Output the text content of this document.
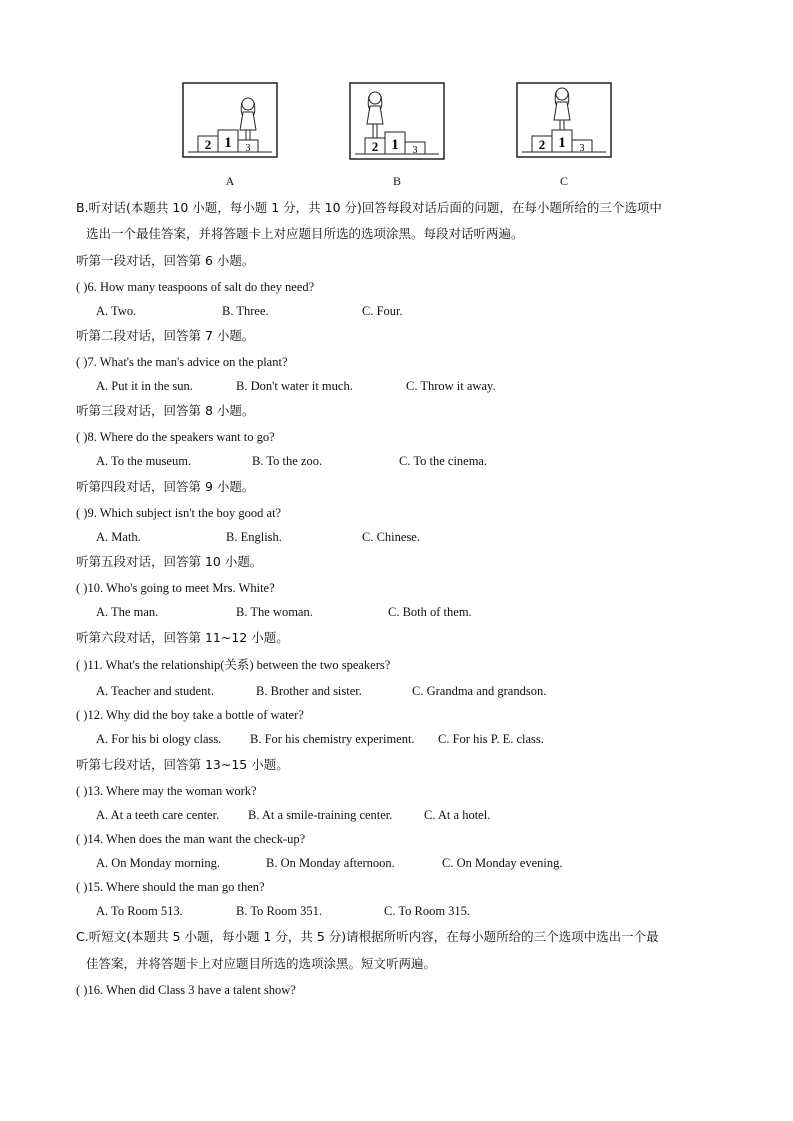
2 1 3
A
2 1 3
B
2 1 3
C
B.听对话(本题共 10 小题，每小题 1 分，共 10 分)回答每段对话后面的问题，在每小题所给的三个选项中
选出一个最佳答案，并将答题卡上对应题目所选的选项涂黑。每段对话听两遍。
听第一段对话，回答第 6 小题。
( )6. How many teaspoons of salt do they need?
A. Two.	B. Three.	C. Four.
听第二段对话，回答第 7 小题。
( )7. What's the man's advice on the plant?
A. Put it in the sun.	B. Don't water it much.	C. Throw it away.
听第三段对话，回答第 8 小题。
( )8. Where do the speakers want to go?
A. To the museum.	B. To the zoo.	C. To the cinema.
听第四段对话，回答第 9 小题。
( )9. Which subject isn't the boy good at?
A. Math.	B. English.	C. Chinese.
听第五段对话，回答第 10 小题。
( )10. Who's going to meet Mrs. White?
A. The man.	B. The woman.	C. Both of them.
听第六段对话，回答第 11~12 小题。
( )11. What's the relationship(关系) between the two speakers?
A. Teacher and student.	B. Brother and sister.	C. Grandma and grandson.
( )12. Why did the boy take a bottle of water?
A. For his bi ology class. B. For his chemistry experiment. C. For his P. E. class.
听第七段对话，回答第 13~15 小题。
( )13. Where may the woman work?
A. At a teeth care center. B. At a smile-training center.	C. At a hotel.
( )14. When does the man want the check-up?
A. On Monday morning.	B. On Monday afternoon.	C. On Monday evening.
( )15. Where should the man go then?
A. To Room 513.	B. To Room 351.	C. To Room 315.
C.听短文(本题共 5 小题，每小题 1 分，共 5 分)请根据所听内容，在每小题所给的三个选项中选出一个最
佳答案，并将答题卡上对应题目所选的选项涂黑。短文听两遍。
( )16. When did Class 3 have a talent show?
